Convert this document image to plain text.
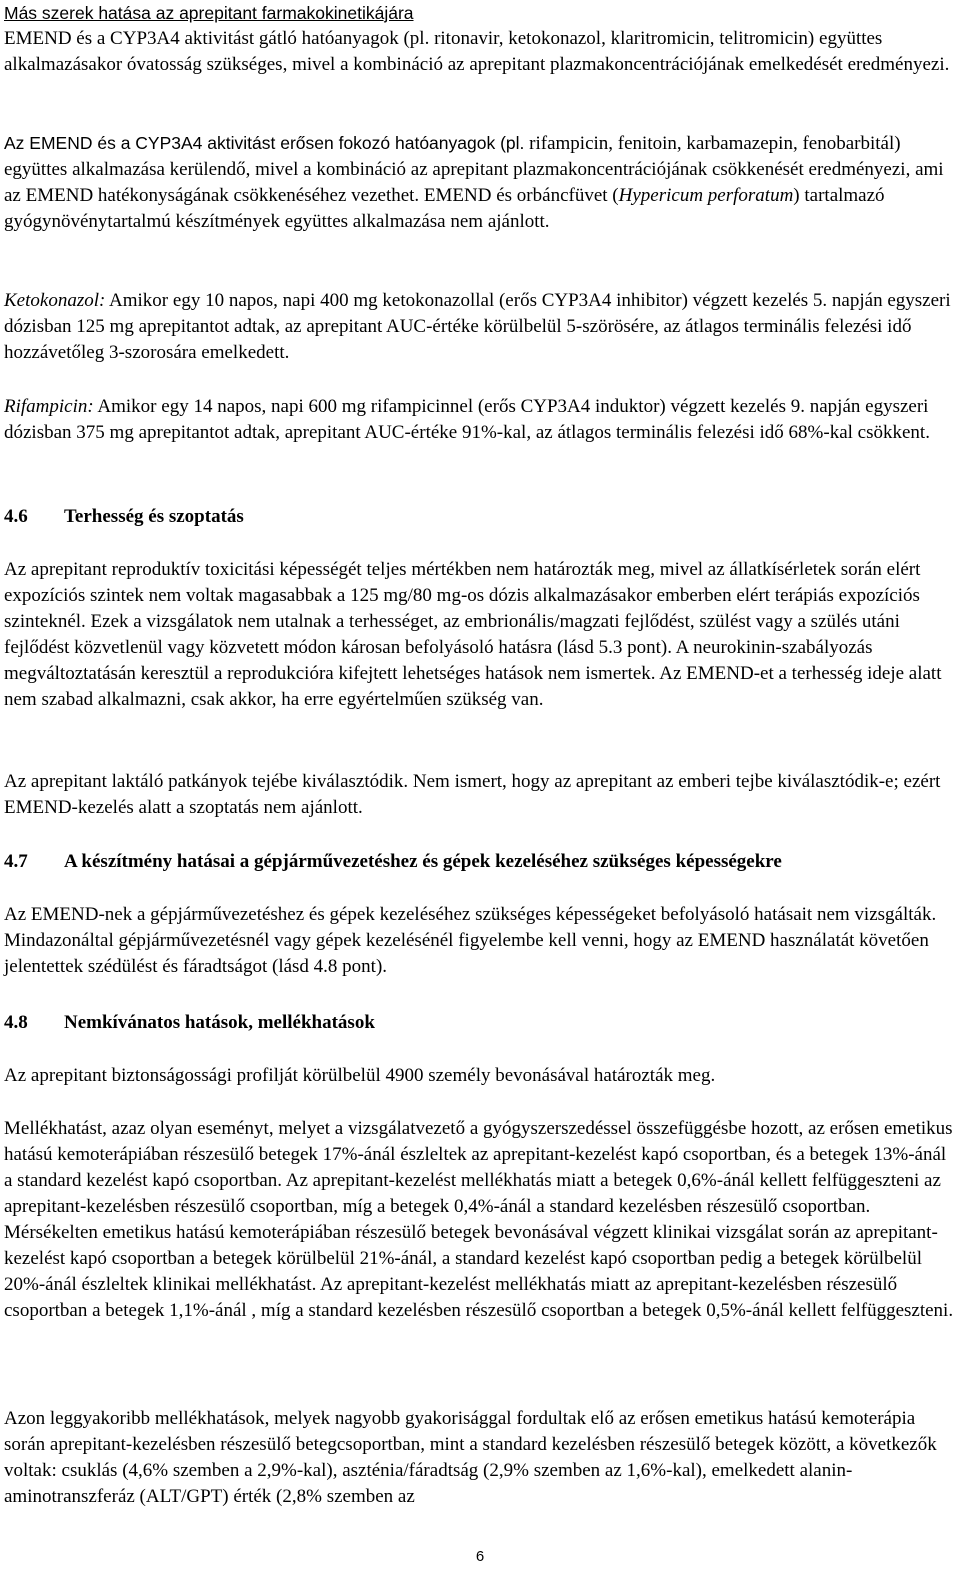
Más szerek hatása az aprepitant farmakokinetikájára

EMEND és a CYP3A4 aktivitást gátló hatóanyagok (pl. ritonavir, ketokonazol, klaritromicin, telitromicin) együttes alkalmazásakor óvatosság szükséges, mivel a kombináció az aprepitant plazmakoncentrációjának emelkedését eredményezi.

Az EMEND és a CYP3A4 aktivitást erősen fokozó hatóanyagok (pl. rifampicin, fenitoin, karbamazepin, fenobarbitál) együttes alkalmazása kerülendő, mivel a kombináció az aprepitant plazmakoncentrációjának csökkenését eredményezi, ami az EMEND hatékonyságának csökkenéséhez vezethet. EMEND és orbáncfüvet (Hypericum perforatum) tartalmazó gyógynövénytartalmú készítmények együttes alkalmazása nem ajánlott.

Ketokonazol: Amikor egy 10 napos, napi 400 mg ketokonazollal (erős CYP3A4 inhibitor) végzett kezelés 5. napján egyszeri dózisban 125 mg aprepitantot adtak, az aprepitant AUC-értéke körülbelül 5-szörösére, az átlagos terminális felezési idő hozzávetőleg 3-szorosára emelkedett.

Rifampicin: Amikor egy 14 napos, napi 600 mg rifampicinnel (erős CYP3A4 induktor) végzett kezelés 9. napján egyszeri dózisban 375 mg aprepitantot adtak, aprepitant AUC-értéke 91%-kal, az átlagos terminális felezési idő 68%-kal csökkent.

4.6 Terhesség és szoptatás

Az aprepitant reproduktív toxicitási képességét teljes mértékben nem határozták meg, mivel az állatkísérletek során elért expozíciós szintek nem voltak magasabbak a 125 mg/80 mg-os dózis alkalmazásakor emberben elért terápiás expozíciós szinteknél. Ezek a vizsgálatok nem utalnak a terhességet, az embrionális/magzati fejlődést, szülést vagy a szülés utáni fejlődést közvetlenül vagy közvetett módon károsan befolyásoló hatásra (lásd 5.3 pont). A neurokinin-szabályozás megváltoztatásán keresztül a reprodukcióra kifejtett lehetséges hatások nem ismertek. Az EMEND-et a terhesség ideje alatt nem szabad alkalmazni, csak akkor, ha erre egyértelműen szükség van.

Az aprepitant laktáló patkányok tejébe kiválasztódik. Nem ismert, hogy az aprepitant az emberi tejbe kiválasztódik-e; ezért EMEND-kezelés alatt a szoptatás nem ajánlott.

4.7 A készítmény hatásai a gépjárművezetéshez és gépek kezeléséhez szükséges képességekre

Az EMEND-nek a gépjárművezetéshez és gépek kezeléséhez szükséges képességeket befolyásoló hatásait nem vizsgálták. Mindazonáltal gépjárművezetésnél vagy gépek kezelésénél figyelembe kell venni, hogy az EMEND használatát követően jelentettek szédülést és fáradtságot (lásd 4.8 pont).

4.8 Nemkívánatos hatások, mellékhatások

Az aprepitant biztonságossági profilját körülbelül 4900 személy bevonásával határozták meg.

Mellékhatást, azaz olyan eseményt, melyet a vizsgálatvezető a gyógyszerszedéssel összefüggésbe hozott, az erősen emetikus hatású kemoterápiában részesülő betegek 17%-ánál észleltek az aprepitant-kezelést kapó csoportban, és a betegek 13%-ánál a standard kezelést kapó csoportban. Az aprepitant-kezelést mellékhatás miatt a betegek 0,6%-ánál kellett felfüggeszteni az aprepitant-kezelésben részesülő csoportban, míg a betegek 0,4%-ánál a standard kezelésben részesülő csoportban. Mérsékelten emetikus hatású kemoterápiában részesülő betegek bevonásával végzett klinikai vizsgálat során az aprepitant-kezelést kapó csoportban a betegek körülbelül 21%-ánál, a standard kezelést kapó csoportban pedig a betegek körülbelül 20%-ánál észleltek klinikai mellékhatást. Az aprepitant-kezelést mellékhatás miatt az aprepitant-kezelésben részesülő csoportban a betegek 1,1%-ánál , míg a standard kezelésben részesülő csoportban a betegek 0,5%-ánál kellett felfüggeszteni.

Azon leggyakoribb mellékhatások, melyek nagyobb gyakorisággal fordultak elő az erősen emetikus hatású kemoterápia során aprepitant-kezelésben részesülő betegcsoportban, mint a standard kezelésben részesülő betegek között, a következők voltak: csuklás (4,6% szemben a 2,9%-kal), aszténia/fáradtság (2,9% szemben az 1,6%-kal), emelkedett alanin-aminotranszferáz (ALT/GPT) érték (2,8% szemben az

6
